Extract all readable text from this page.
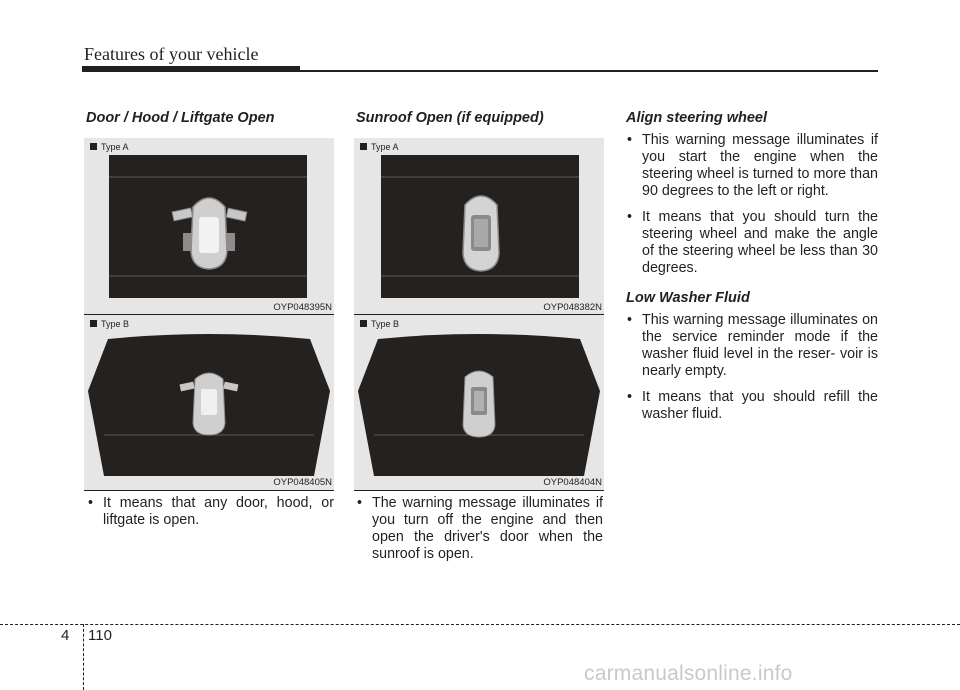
Features of your vehicle
Door / Hood / Liftgate Open
Type A
OYP048395N
Type B
OYP048405N
• It means that any door, hood, or liftgate is open.
Sunroof Open (if equipped)
Type A
OYP048382N
Type B
OYP048404N
• The warning message illuminates if you turn off the engine and then open the driver's door when the sunroof is open.
Align steering wheel
• This warning message illuminates if you start the engine when the steering wheel is turned to more than 90 degrees to the left or right.
• It means that you should turn the steering wheel and make the angle of the steering wheel be less than 30 degrees.
Low Washer Fluid
• This warning message illuminates on the service reminder mode if the washer fluid level in the reser- voir is nearly empty.
• It means that you should refill the washer fluid.
4 110
carmanualsonline.info
